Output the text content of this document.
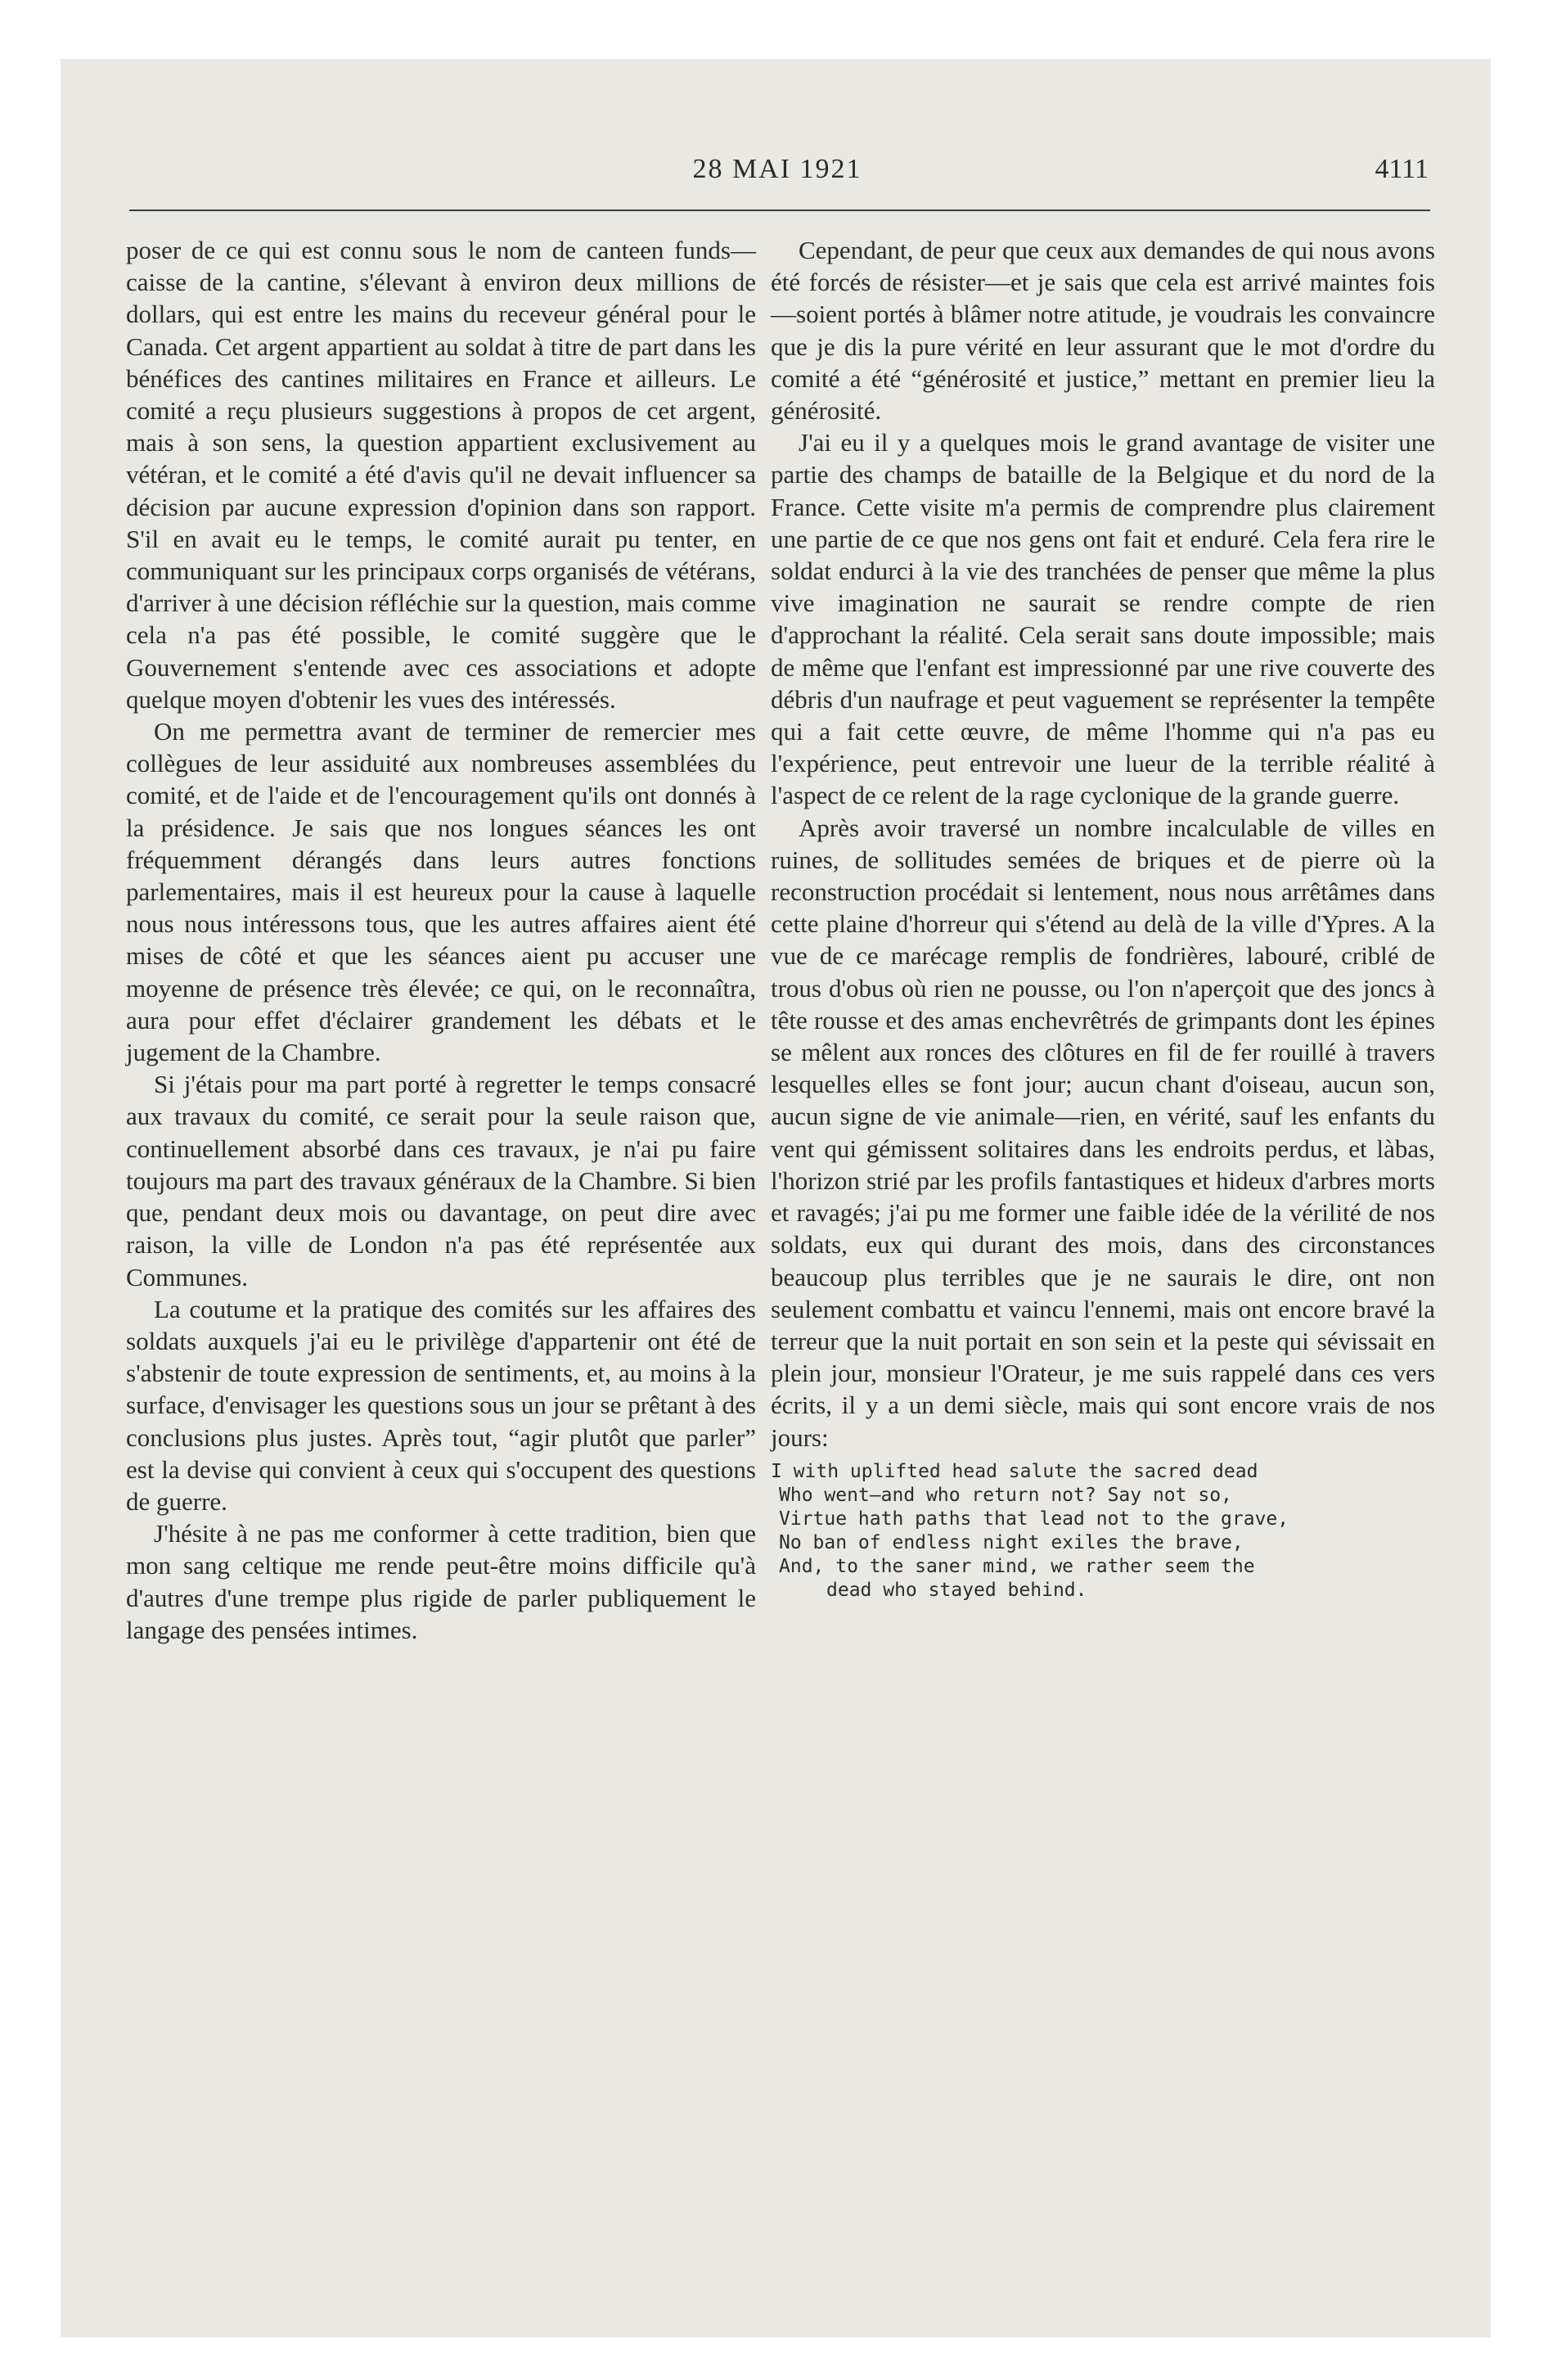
28 MAI 1921	4111

poser de ce qui est connu sous le nom de canteen funds—caisse de la cantine, s'élevant à environ deux millions de dollars, qui est entre les mains du receveur général pour le Canada. Cet argent appartient au soldat à titre de part dans les bénéfices des cantines militaires en France et ailleurs. Le comité a reçu plusieurs suggestions à propos de cet argent, mais à son sens, la question appartient exclusivement au vétéran, et le comité a été d'avis qu'il ne devait influencer sa décision par aucune expression d'opinion dans son rapport. S'il en avait eu le temps, le comité aurait pu tenter, en communiquant sur les principaux corps organisés de vétérans, d'arriver à une décision réfléchie sur la question, mais comme cela n'a pas été possible, le comité suggère que le Gouvernement s'entende avec ces associations et adopte quelque moyen d'obtenir les vues des intéressés.

On me permettra avant de terminer de remercier mes collègues de leur assiduité aux nombreuses assemblées du comité, et de l'aide et de l'encouragement qu'ils ont donnés à la présidence. Je sais que nos longues séances les ont fréquemment dérangés dans leurs autres fonctions parlementaires, mais il est heureux pour la cause à laquelle nous nous intéressons tous, que les autres affaires aient été mises de côté et que les séances aient pu accuser une moyenne de présence très élevée; ce qui, on le reconnaîtra, aura pour effet d'éclairer grandement les débats et le jugement de la Chambre.

Si j'étais pour ma part porté à regretter le temps consacré aux travaux du comité, ce serait pour la seule raison que, continuellement absorbé dans ces travaux, je n'ai pu faire toujours ma part des travaux généraux de la Chambre. Si bien que, pendant deux mois ou davantage, on peut dire avec raison, la ville de London n'a pas été représentée aux Communes.

La coutume et la pratique des comités sur les affaires des soldats auxquels j'ai eu le privilège d'appartenir ont été de s'abstenir de toute expression de sentiments, et, au moins à la surface, d'envisager les questions sous un jour se prêtant à des conclusions plus justes. Après tout, “agir plutôt que parler” est la devise qui convient à ceux qui s'occupent des questions de guerre.

J'hésite à ne pas me conformer à cette tradition, bien que mon sang celtique me rende peut-être moins difficile qu'à d'autres d'une trempe plus rigide de parler publiquement le langage des pensées intimes.

Cependant, de peur que ceux aux demandes de qui nous avons été forcés de résister—et je sais que cela est arrivé maintes fois—soient portés à blâmer notre atitude, je voudrais les convaincre que je dis la pure vérité en leur assurant que le mot d'ordre du comité a été “générosité et justice,” mettant en premier lieu la générosité.

J'ai eu il y a quelques mois le grand avantage de visiter une partie des champs de bataille de la Belgique et du nord de la France. Cette visite m'a permis de comprendre plus clairement une partie de ce que nos gens ont fait et enduré. Cela fera rire le soldat endurci à la vie des tranchées de penser que même la plus vive imagination ne saurait se rendre compte de rien d'approchant la réalité. Cela serait sans doute impossible; mais de même que l'enfant est impressionné par une rive couverte des débris d'un naufrage et peut vaguement se représenter la tempête qui a fait cette œuvre, de même l'homme qui n'a pas eu l'expérience, peut entrevoir une lueur de la terrible réalité à l'aspect de ce relent de la rage cyclonique de la grande guerre.

Après avoir traversé un nombre incalculable de villes en ruines, de sollitudes semées de briques et de pierre où la reconstruction procédait si lentement, nous nous arrêtâmes dans cette plaine d'horreur qui s'étend au delà de la ville d'Ypres. A la vue de ce marécage remplis de fondrières, labouré, criblé de trous d'obus où rien ne pousse, ou l'on n'aperçoit que des joncs à tête rousse et des amas enchevrêtrés de grimpants dont les épines se mêlent aux ronces des clôtures en fil de fer rouillé à travers lesquelles elles se font jour; aucun chant d'oiseau, aucun son, aucun signe de vie animale—rien, en vérité, sauf les enfants du vent qui gémissent solitaires dans les endroits perdus, et làbas, l'horizon strié par les profils fantastiques et hideux d'arbres morts et ravagés; j'ai pu me former une faible idée de la vérilité de nos soldats, eux qui durant des mois, dans des circonstances beaucoup plus terribles que je ne saurais le dire, ont non seulement combattu et vaincu l'ennemi, mais ont encore bravé la terreur que la nuit portait en son sein et la peste qui sévissait en plein jour, monsieur l'Orateur, je me suis rappelé dans ces vers écrits, il y a un demi siècle, mais qui sont encore vrais de nos jours:

I with uplifted head salute the sacred dead
Who went—and who return not? Say not so,
Virtue hath paths that lead not to the grave,
No ban of endless night exiles the brave,
And, to the saner mind, we rather seem the
dead who stayed behind.
